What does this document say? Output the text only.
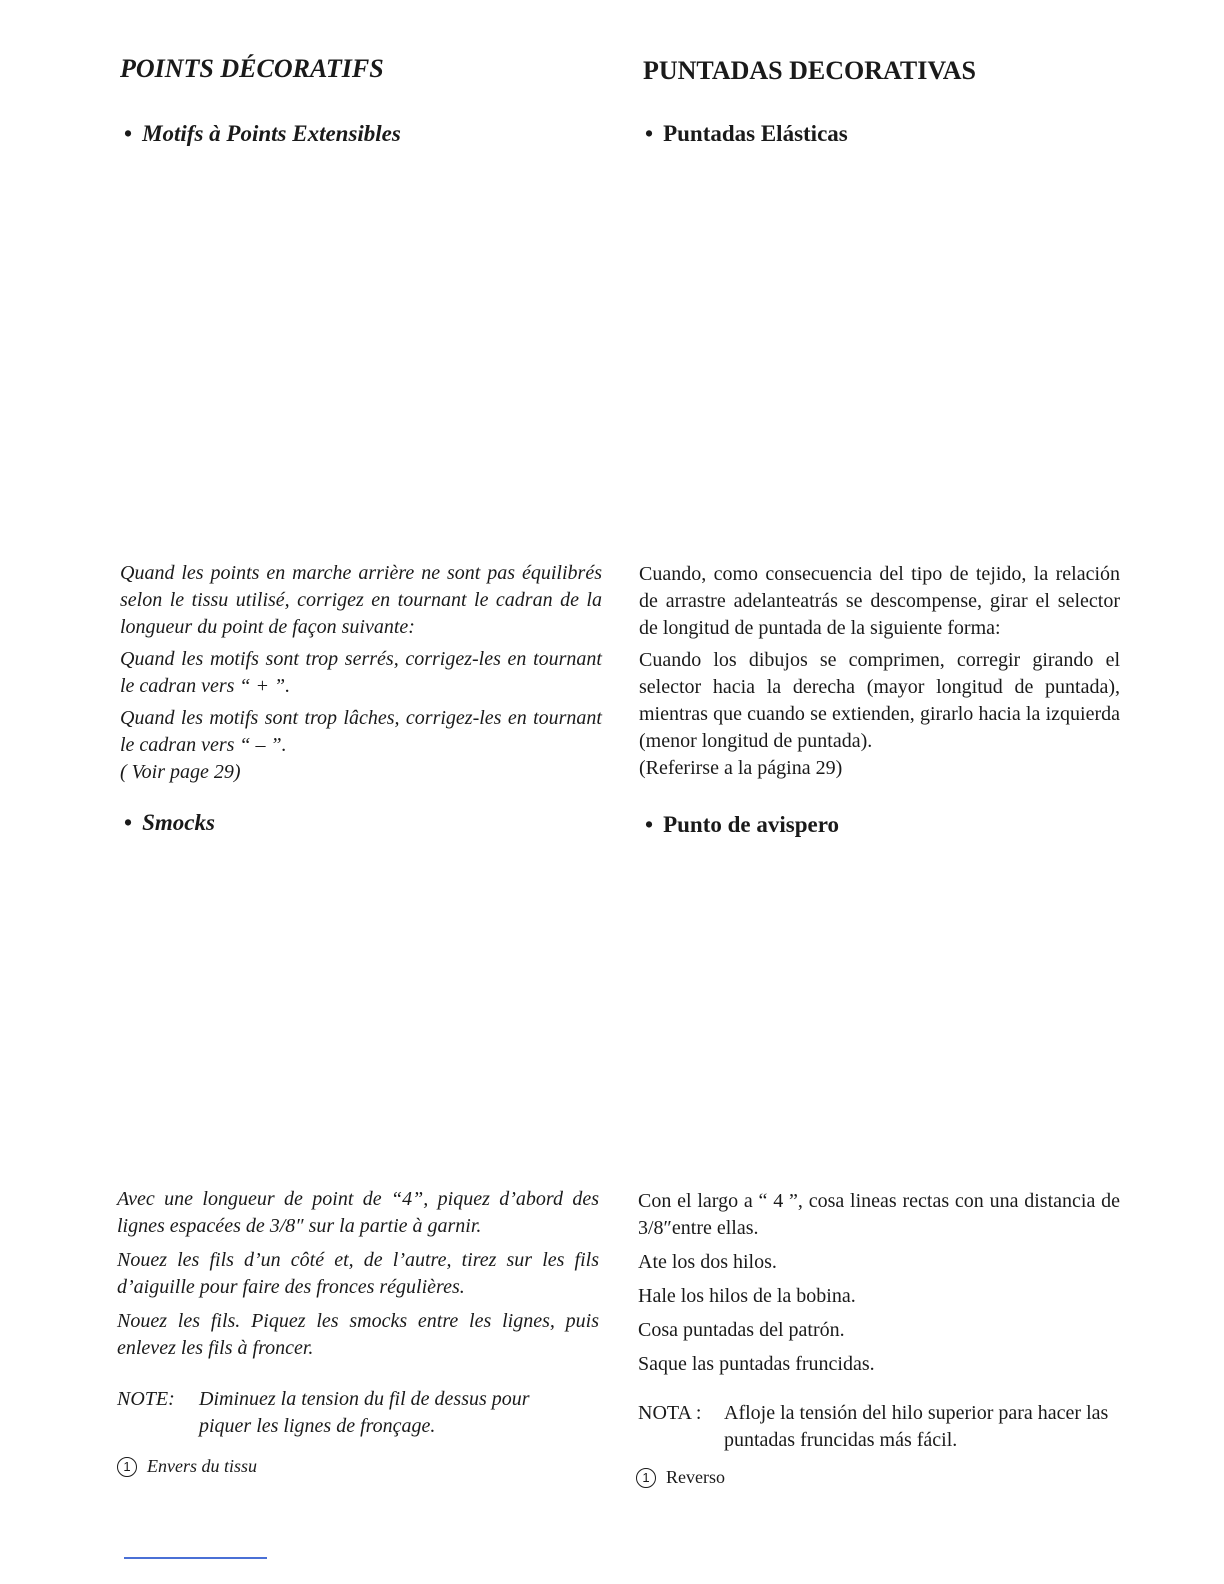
POINTS DÉCORATIFS
• Motifs à Points Extensibles

Quand les points en marche arrière ne sont pas équilibrés selon le tissu utilisé, corrigez en tournant le cadran de la longueur du point de façon suivante:

Quand les motifs sont trop serrés, corrigez-les en tournant le cadran vers “ + ”.

Quand les motifs sont trop lâches, corrigez-les en tournant le cadran vers “ – ”.

( Voir page 29)

• Smocks

Avec une longueur de point de “4”, piquez d’abord des lignes espacées de 3/8″ sur la partie à garnir.

Nouez les fils d’un côté et, de l’autre, tirez sur les fils d’aiguille pour faire des fronces régulières.

Nouez les fils. Piquez les smocks entre les lignes, puis enlevez les fils à froncer.

NOTE:	Diminuez la tension du fil de dessus pour piquer les lignes de fronçage.
1 Envers du tissu
PUNTADAS DECORATIVAS
• Puntadas Elásticas

Cuando, como consecuencia del tipo de tejido, la relación de arrastre adelanteatrás se descompense, girar el selector de longitud de puntada de la siguiente forma:

Cuando los dibujos se comprimen, corregir girando el selector hacia la derecha (mayor longitud de puntada), mientras que cuando se extienden, girarlo hacia la izquierda (menor longitud de puntada).

(Referirse a la página 29)

• Punto de avispero

Con el largo a “ 4 ”, cosa lineas rectas con una distancia de 3/8″entre ellas.

Ate los dos hilos.

Hale los hilos de la bobina.

Cosa puntadas del patrón.

Saque las puntadas fruncidas.

NOTA :	Afloje la tensión del hilo superior para hacer las puntadas fruncidas más fácil.
1 Reverso
